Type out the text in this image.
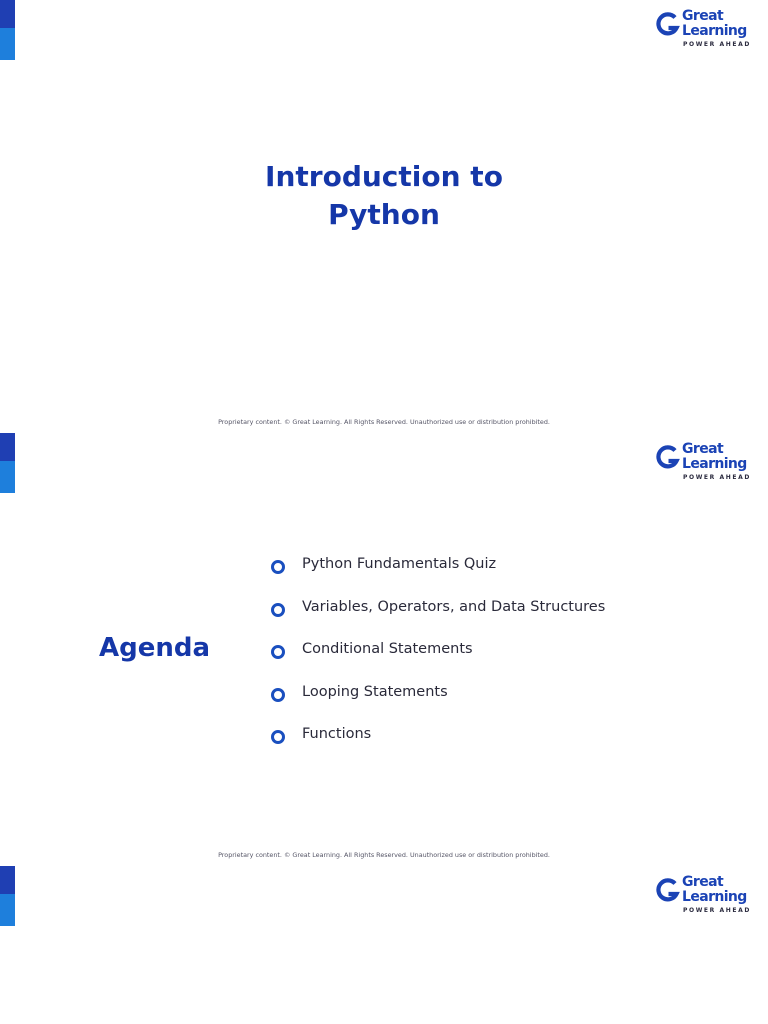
Great
Learning
POWER AHEAD
Introduction to
Python
Proprietary content. © Great Learning. All Rights Reserved. Unauthorized use or distribution prohibited.
Great
Learning
POWER AHEAD
Agenda
Python Fundamentals Quiz
Variables, Operators, and Data Structures
Conditional Statements
Looping Statements
Functions
Proprietary content. © Great Learning. All Rights Reserved. Unauthorized use or distribution prohibited.
Great
Learning
POWER AHEAD
